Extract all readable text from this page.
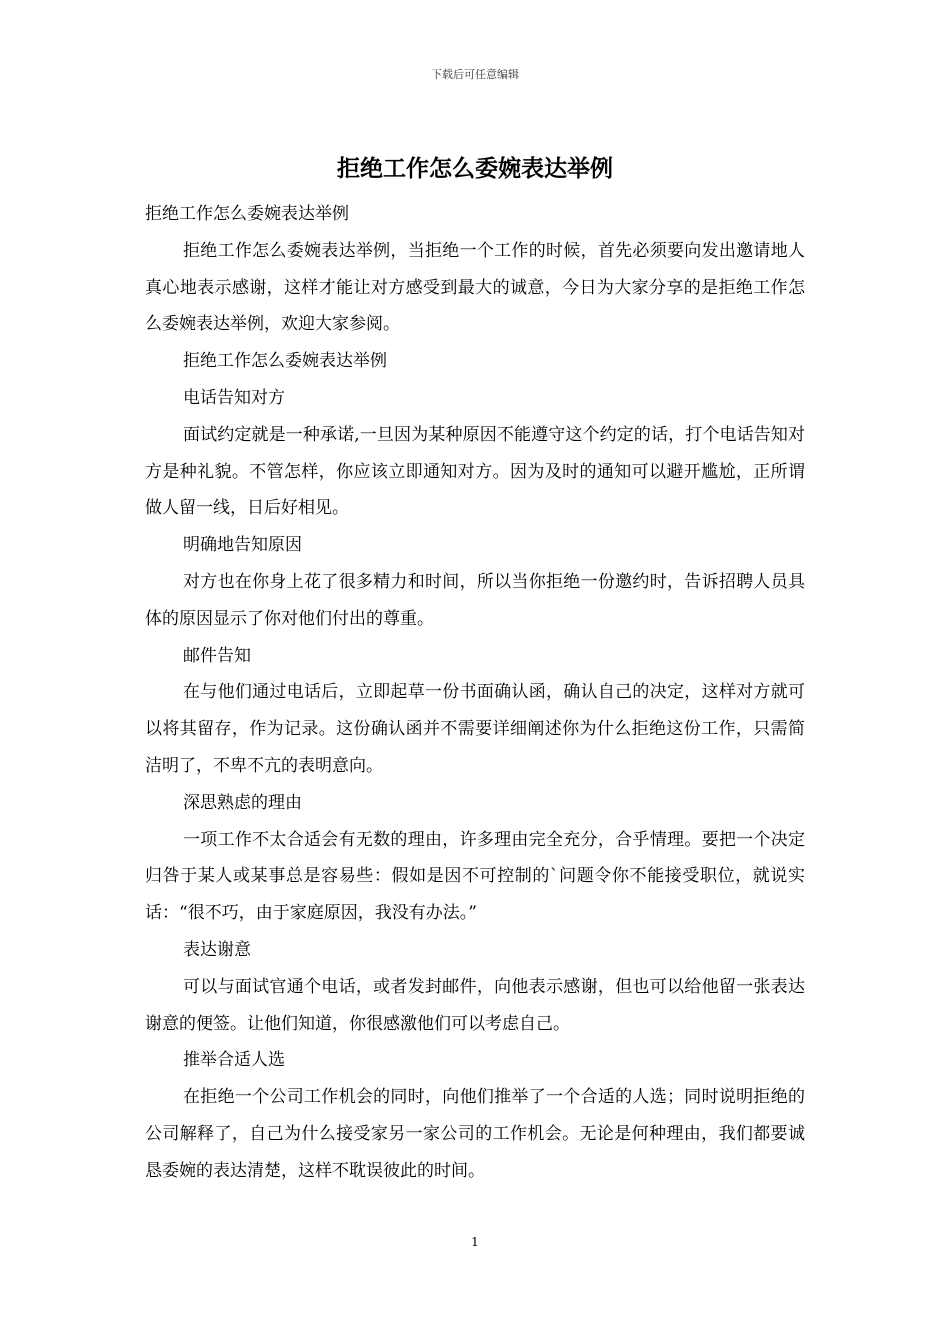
下载后可任意编辑
拒绝工作怎么委婉表达举例

拒绝工作怎么委婉表达举例

拒绝工作怎么委婉表达举例，当拒绝一个工作的时候，首先必须要向发出邀请地人真心地表示感谢，这样才能让对方感受到最大的诚意，今日为大家分享的是拒绝工作怎么委婉表达举例，欢迎大家参阅。

拒绝工作怎么委婉表达举例

电话告知对方

面试约定就是一种承诺,一旦因为某种原因不能遵守这个约定的话，打个电话告知对方是种礼貌。不管怎样，你应该立即通知对方。因为及时的通知可以避开尴尬，正所谓做人留一线，日后好相见。

明确地告知原因

对方也在你身上花了很多精力和时间，所以当你拒绝一份邀约时，告诉招聘人员具体的原因显示了你对他们付出的尊重。

邮件告知

在与他们通过电话后，立即起草一份书面确认函，确认自己的决定，这样对方就可以将其留存，作为记录。这份确认函并不需要详细阐述你为什么拒绝这份工作，只需简洁明了，不卑不亢的表明意向。

深思熟虑的理由

一项工作不太合适会有无数的理由，许多理由完全充分，合乎情理。要把一个决定归咎于某人或某事总是容易些：假如是因不可控制的`问题令你不能接受职位，就说实话：“很不巧，由于家庭原因，我没有办法。”

表达谢意

可以与面试官通个电话，或者发封邮件，向他表示感谢，但也可以给他留一张表达谢意的便签。让他们知道，你很感激他们可以考虑自己。

推举合适人选

在拒绝一个公司工作机会的同时，向他们推举了一个合适的人选；同时说明拒绝的公司解释了，自己为什么接受家另一家公司的工作机会。无论是何种理由，我们都要诚恳委婉的表达清楚，这样不耽误彼此的时间。

1
